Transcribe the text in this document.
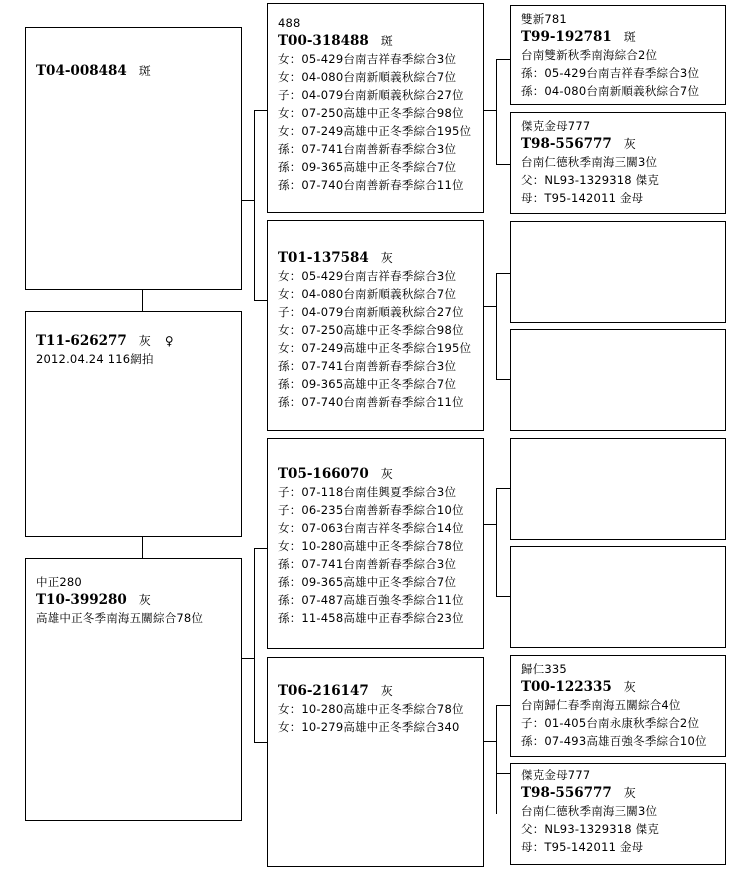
T04-008484 斑
T11-626277 灰 ♀
2012.04.24 116網拍
中正280
T10-399280 灰
高雄中正冬季南海五關綜合78位
488
T00-318488 斑
女：05-429台南吉祥春季綜合3位
女：04-080台南新順義秋綜合7位
子：04-079台南新順義秋綜合27位
女：07-250高雄中正冬季綜合98位
女：07-249高雄中正冬季綜合195位
孫：07-741台南善新春季綜合3位
孫：09-365高雄中正冬季綜合7位
孫：07-740台南善新春季綜合11位
T01-137584 灰
女：05-429台南吉祥春季綜合3位
女：04-080台南新順義秋綜合7位
子：04-079台南新順義秋綜合27位
女：07-250高雄中正冬季綜合98位
女：07-249高雄中正冬季綜合195位
孫：07-741台南善新春季綜合3位
孫：09-365高雄中正冬季綜合7位
孫：07-740台南善新春季綜合11位
T05-166070 灰
子：07-118台南佳興夏季綜合3位
子：06-235台南善新春季綜合10位
女：07-063台南吉祥冬季綜合14位
女：10-280高雄中正冬季綜合78位
孫：07-741台南善新春季綜合3位
孫：09-365高雄中正冬季綜合7位
孫：07-487高雄百強冬季綜合11位
孫：11-458高雄中正春季綜合23位
T06-216147 灰
女：10-280高雄中正冬季綜合78位
女：10-279高雄中正冬季綜合340
雙新781
T99-192781 斑
台南雙新秋季南海綜合2位
孫：05-429台南吉祥春季綜合3位
孫：04-080台南新順義秋綜合7位
傑克金母777
T98-556777 灰
台南仁德秋季南海三關3位
父：NL93-1329318 傑克
母：T95-142011 金母
歸仁335
T00-122335 灰
台南歸仁春季南海五關綜合4位
子：01-405台南永康秋季綜合2位
孫：07-493高雄百強冬季綜合10位
傑克金母777
T98-556777 灰
台南仁德秋季南海三關3位
父：NL93-1329318 傑克
母：T95-142011 金母
